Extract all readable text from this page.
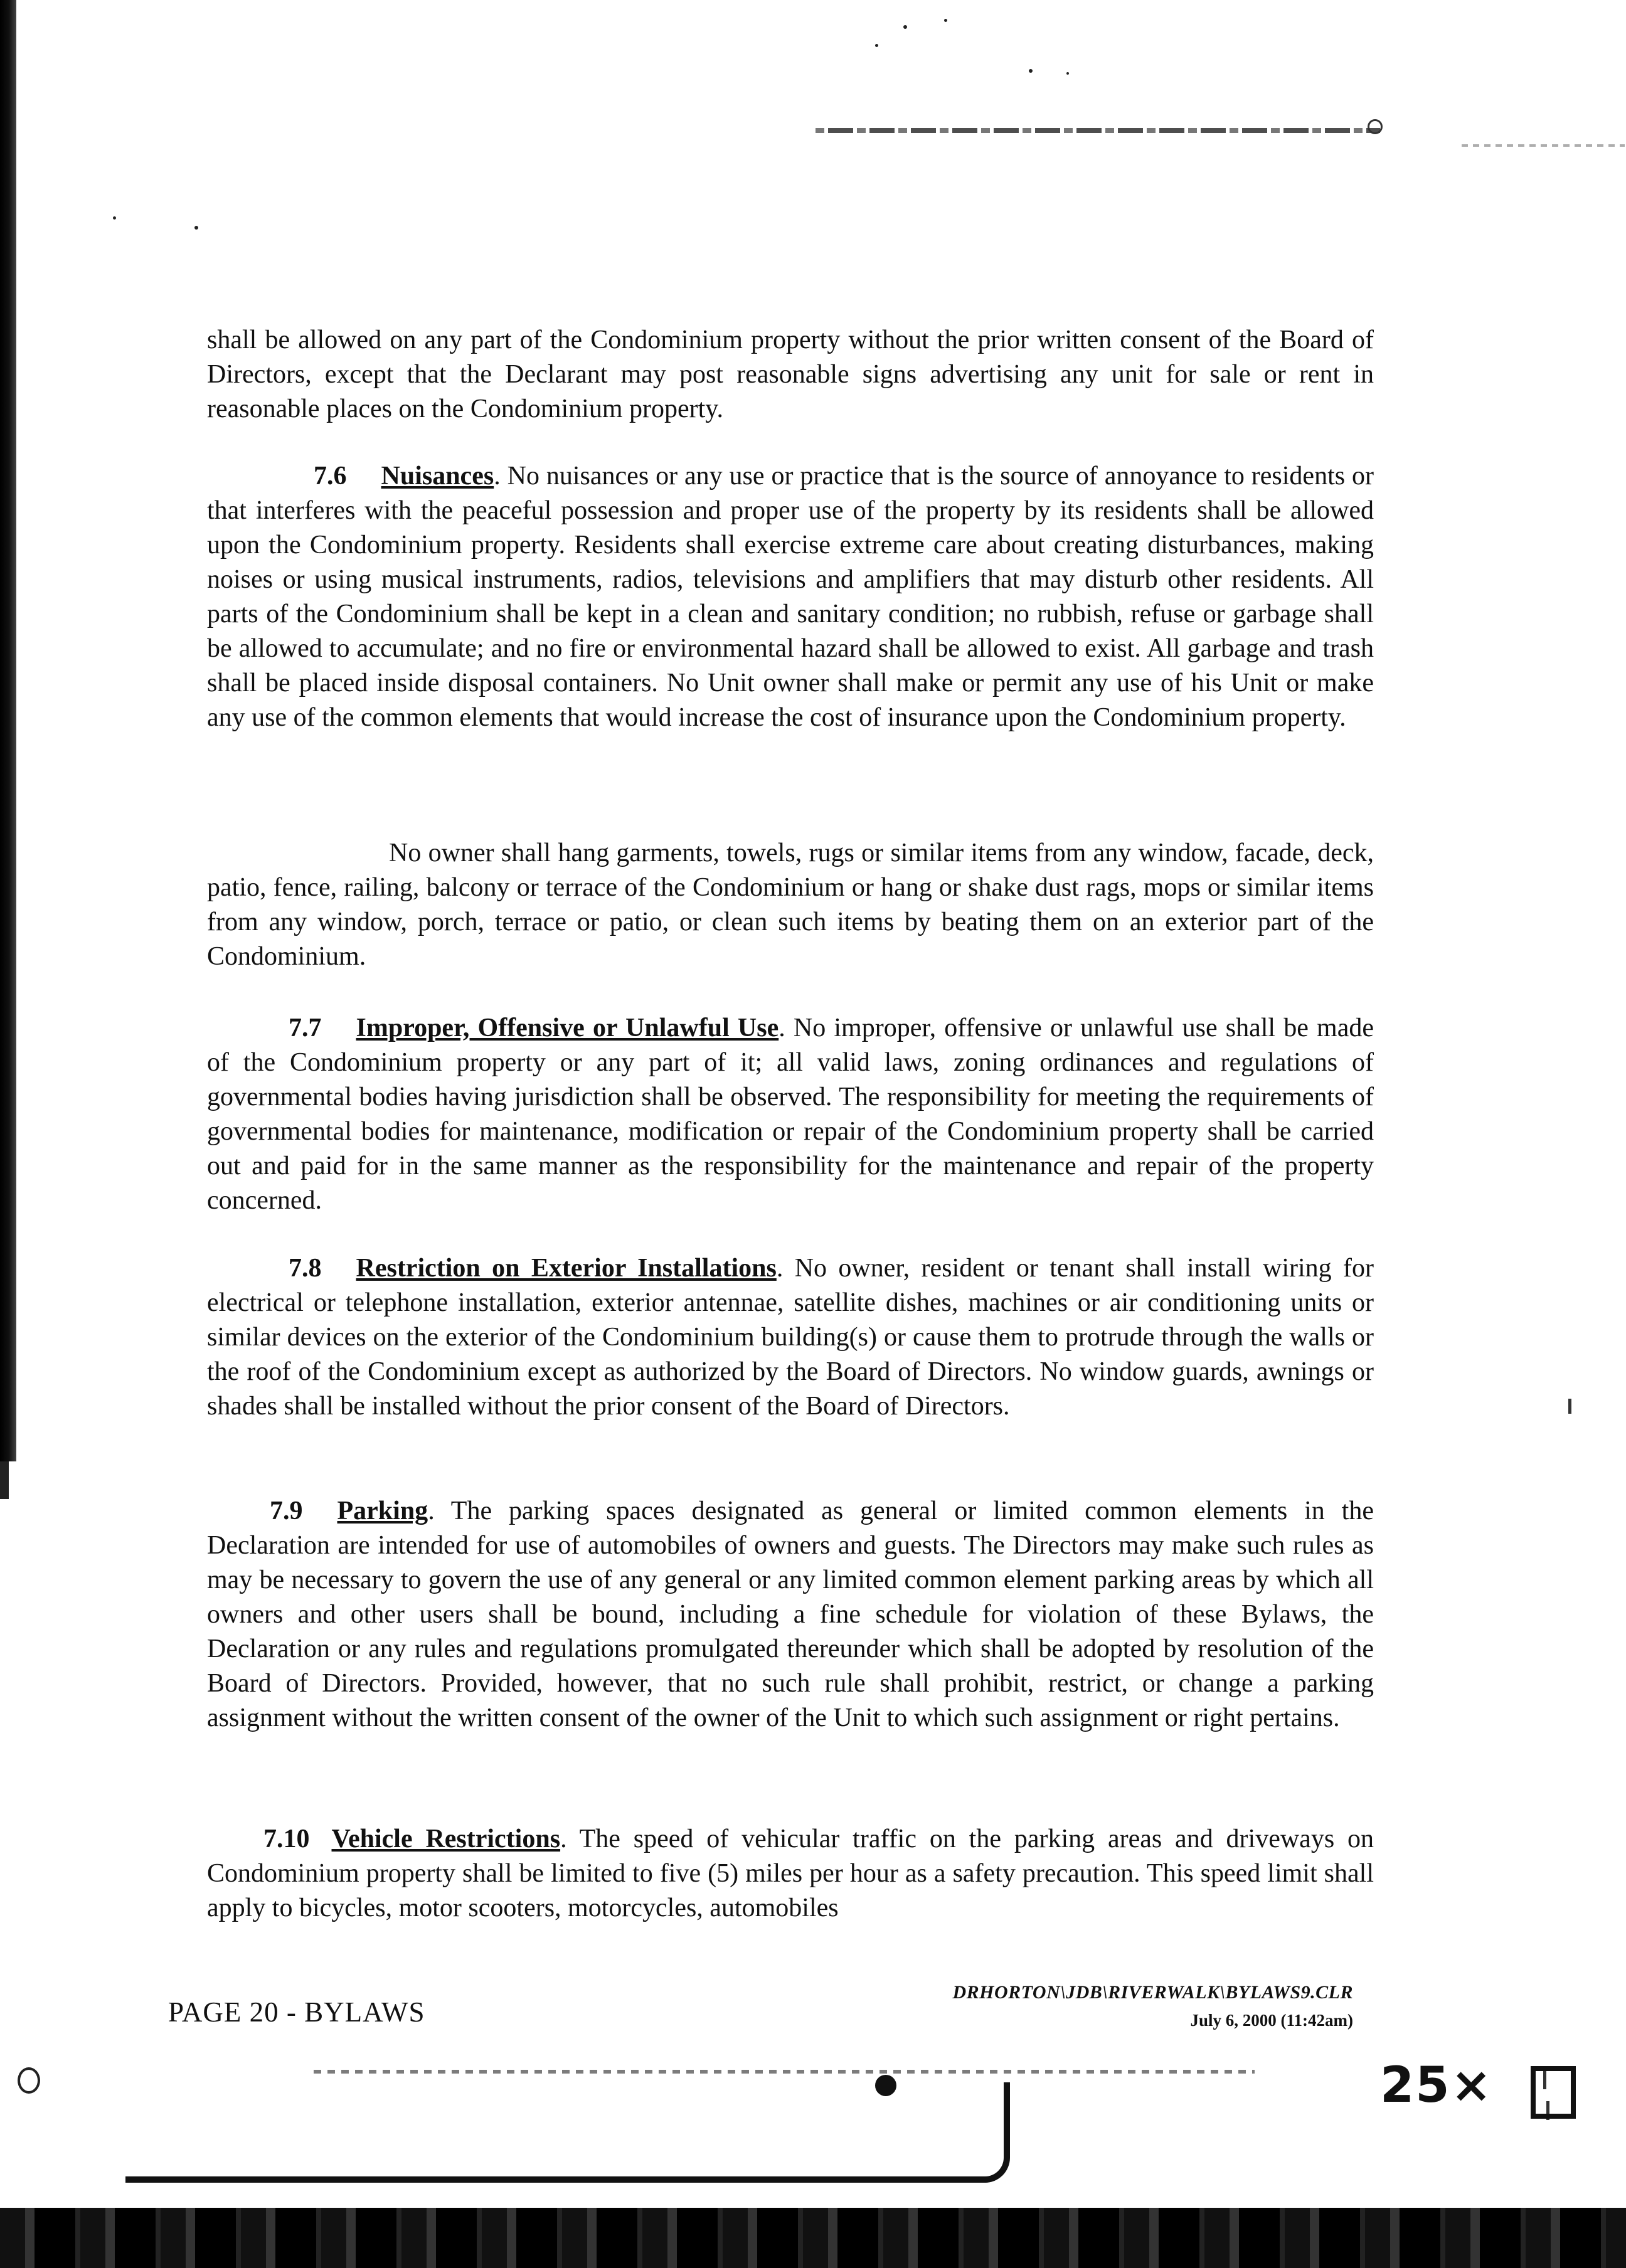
shall be allowed on any part of the Condominium property without the prior written consent of the Board of Directors, except that the Declarant may post reasonable signs advertising any unit for sale or rent in reasonable places on the Condominium property.

7.6 Nuisances. No nuisances or any use or practice that is the source of annoyance to residents or that interferes with the peaceful possession and proper use of the property by its residents shall be allowed upon the Condominium property. Residents shall exercise extreme care about creating disturbances, making noises or using musical instruments, radios, televisions and amplifiers that may disturb other residents. All parts of the Condominium shall be kept in a clean and sanitary condition; no rubbish, refuse or garbage shall be allowed to accumulate; and no fire or environmental hazard shall be allowed to exist. All garbage and trash shall be placed inside disposal containers. No Unit owner shall make or permit any use of his Unit or make any use of the common elements that would increase the cost of insurance upon the Condominium property.

No owner shall hang garments, towels, rugs or similar items from any window, facade, deck, patio, fence, railing, balcony or terrace of the Condominium or hang or shake dust rags, mops or similar items from any window, porch, terrace or patio, or clean such items by beating them on an exterior part of the Condominium.

7.7 Improper, Offensive or Unlawful Use. No improper, offensive or unlawful use shall be made of the Condominium property or any part of it; all valid laws, zoning ordinances and regulations of governmental bodies having jurisdiction shall be observed. The responsibility for meeting the requirements of governmental bodies for maintenance, modification or repair of the Condominium property shall be carried out and paid for in the same manner as the responsibility for the maintenance and repair of the property concerned.

7.8 Restriction on Exterior Installations. No owner, resident or tenant shall install wiring for electrical or telephone installation, exterior antennae, satellite dishes, machines or air conditioning units or similar devices on the exterior of the Condominium building(s) or cause them to protrude through the walls or the roof of the Condominium except as authorized by the Board of Directors. No window guards, awnings or shades shall be installed without the prior consent of the Board of Directors.

7.9 Parking. The parking spaces designated as general or limited common elements in the Declaration are intended for use of automobiles of owners and guests. The Directors may make such rules as may be necessary to govern the use of any general or any limited common element parking areas by which all owners and other users shall be bound, including a fine schedule for violation of these Bylaws, the Declaration or any rules and regulations promulgated thereunder which shall be adopted by resolution of the Board of Directors. Provided, however, that no such rule shall prohibit, restrict, or change a parking assignment without the written consent of the owner of the Unit to which such assignment or right pertains.

7.10 Vehicle Restrictions. The speed of vehicular traffic on the parking areas and driveways on Condominium property shall be limited to five (5) miles per hour as a safety precaution. This speed limit shall apply to bicycles, motor scooters, motorcycles, automobiles

PAGE 20 - BYLAWS
DRHORTON\JDB\RIVERWALK\BYLAWS9.CLR
July 6, 2000 (11:42am)
25×
